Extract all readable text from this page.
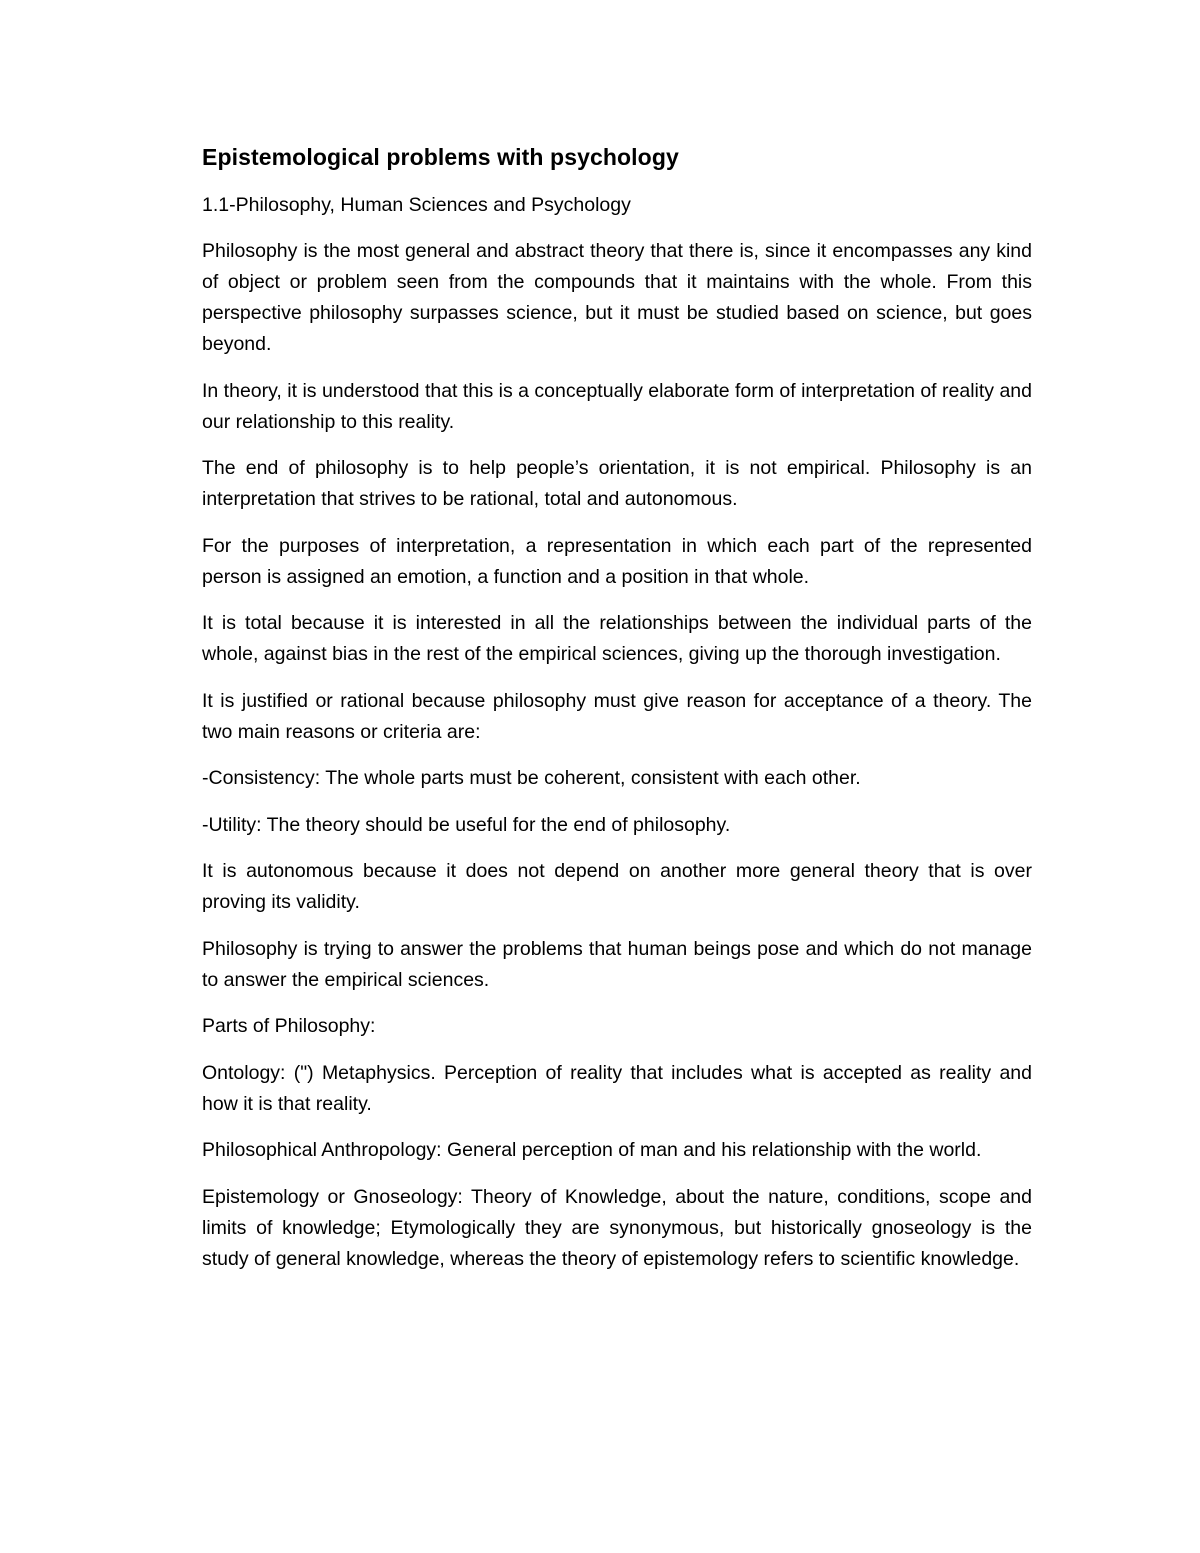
Epistemological problems with psychology
1.1-Philosophy, Human Sciences and Psychology

Philosophy is the most general and abstract theory that there is, since it encompasses any kind of object or problem seen from the compounds that it maintains with the whole. From this perspective philosophy surpasses science, but it must be studied based on science, but goes beyond.

In theory, it is understood that this is a conceptually elaborate form of interpretation of reality and our relationship to this reality.

The end of philosophy is to help people’s orientation, it is not empirical. Philosophy is an interpretation that strives to be rational, total and autonomous.

For the purposes of interpretation, a representation in which each part of the represented person is assigned an emotion, a function and a position in that whole.

It is total because it is interested in all the relationships between the individual parts of the whole, against bias in the rest of the empirical sciences, giving up the thorough investigation.

It is justified or rational because philosophy must give reason for acceptance of a theory. The two main reasons or criteria are:

-Consistency: The whole parts must be coherent, consistent with each other.

-Utility: The theory should be useful for the end of philosophy.

It is autonomous because it does not depend on another more general theory that is over proving its validity.

Philosophy is trying to answer the problems that human beings pose and which do not manage to answer the empirical sciences.

Parts of Philosophy:

Ontology: (") Metaphysics. Perception of reality that includes what is accepted as reality and how it is that reality.

Philosophical Anthropology: General perception of man and his relationship with the world.

Epistemology or Gnoseology: Theory of Knowledge, about the nature, conditions, scope and limits of knowledge; Etymologically they are synonymous, but historically gnoseology is the study of general knowledge, whereas the theory of epistemology refers to scientific knowledge.
